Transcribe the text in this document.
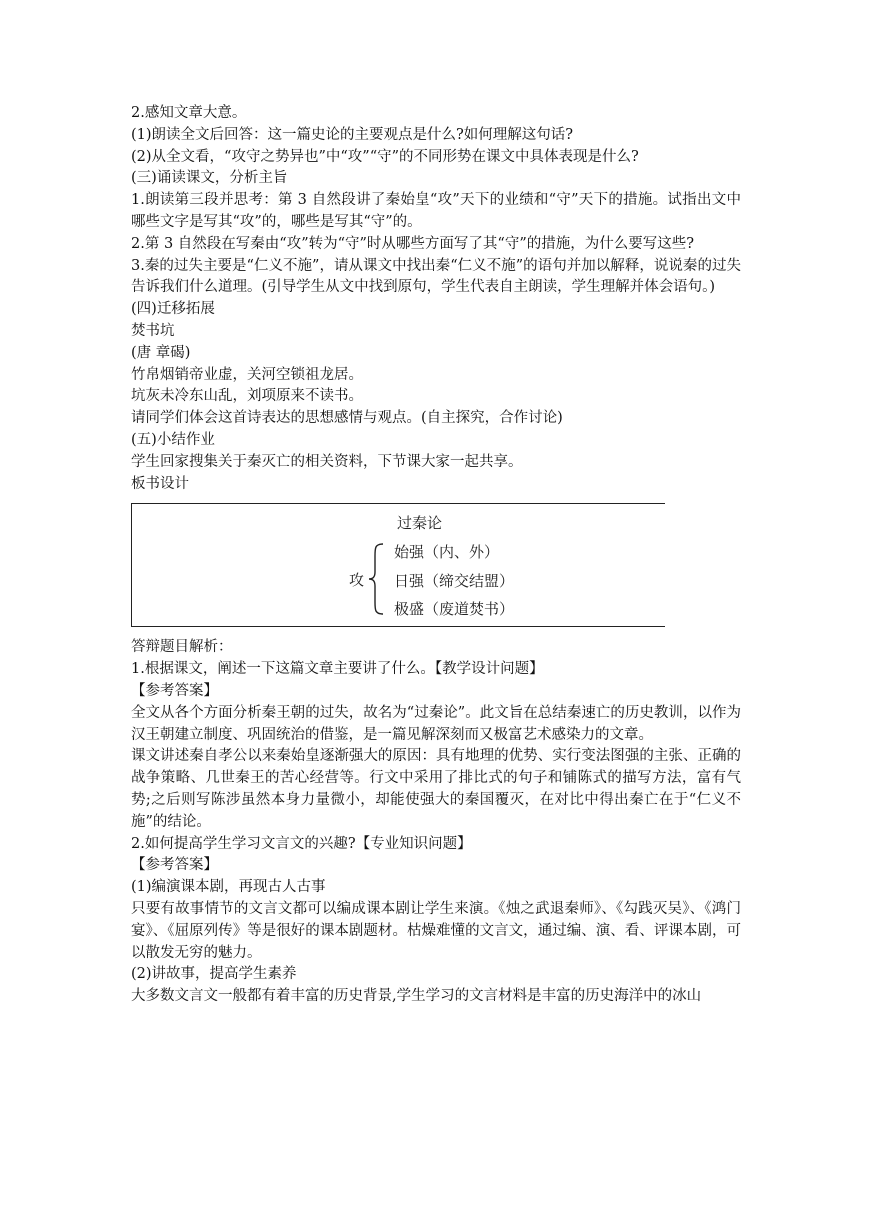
2.感知文章大意。
(1)朗读全文后回答：这一篇史论的主要观点是什么?如何理解这句话?
(2)从全文看，“攻守之势异也”中“攻”“守”的不同形势在课文中具体表现是什么?
(三)诵读课文，分析主旨
1.朗读第三段并思考：第 3 自然段讲了秦始皇“攻”天下的业绩和“守”天下的措施。试指出文中哪些文字是写其“攻”的，哪些是写其“守”的。
2.第 3 自然段在写秦由“攻”转为“守”时从哪些方面写了其“守”的措施，为什么要写这些?
3.秦的过失主要是“仁义不施”，请从课文中找出秦“仁义不施”的语句并加以解释，说说秦的过失告诉我们什么道理。(引导学生从文中找到原句，学生代表自主朗读，学生理解并体会语句。)
(四)迁移拓展
焚书坑
(唐 章碣)
竹帛烟销帝业虚，关河空锁祖龙居。
坑灰未冷东山乱，刘项原来不读书。
请同学们体会这首诗表达的思想感情与观点。(自主探究，合作讨论)
(五)小结作业
学生回家搜集关于秦灭亡的相关资料，下节课大家一起共享。
板书设计
过秦论
攻
始强（内、外）
日强（缔交结盟）
极盛（废道焚书）
答辩题目解析：
1.根据课文，阐述一下这篇文章主要讲了什么。【教学设计问题】
【参考答案】
全文从各个方面分析秦王朝的过失，故名为“过秦论”。此文旨在总结秦速亡的历史教训，以作为汉王朝建立制度、巩固统治的借鉴，是一篇见解深刻而又极富艺术感染力的文章。
课文讲述秦自孝公以来秦始皇逐渐强大的原因：具有地理的优势、实行变法图强的主张、正确的战争策略、几世秦王的苦心经营等。行文中采用了排比式的句子和铺陈式的描写方法，富有气势;之后则写陈涉虽然本身力量微小，却能使强大的秦国覆灭，在对比中得出秦亡在于“仁义不施”的结论。
2.如何提高学生学习文言文的兴趣?【专业知识问题】
【参考答案】
(1)编演课本剧，再现古人古事
只要有故事情节的文言文都可以编成课本剧让学生来演。《烛之武退秦师》、《勾践灭吴》、《鸿门宴》、《屈原列传》等是很好的课本剧题材。枯燥难懂的文言文，通过编、演、看、评课本剧，可以散发无穷的魅力。
(2)讲故事，提高学生素养
大多数文言文一般都有着丰富的历史背景,学生学习的文言材料是丰富的历史海洋中的冰山
